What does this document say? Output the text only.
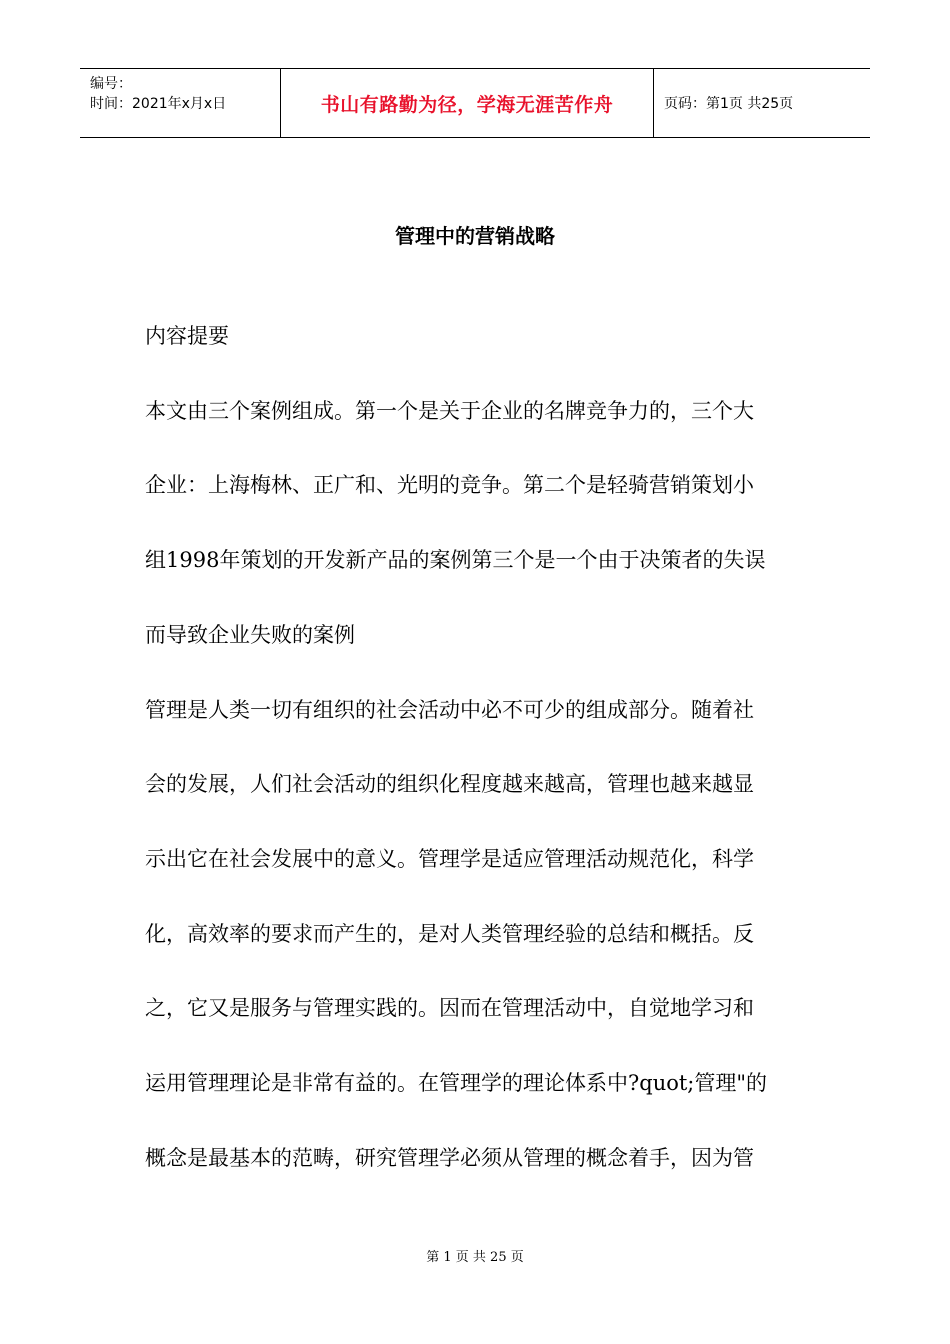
编号：
时间：2021年x月x日	书山有路勤为径，学海无涯苦作舟	页码：第1页 共25页
管理中的营销战略
内容提要
本文由三个案例组成。第一个是关于企业的名牌竞争力的，三个大
企业：上海梅林、正广和、光明的竞争。第二个是轻骑营销策划小
组1998年策划的开发新产品的案例第三个是一个由于决策者的失误
而导致企业失败的案例
管理是人类一切有组织的社会活动中必不可少的组成部分。随着社
会的发展，人们社会活动的组织化程度越来越高，管理也越来越显
示出它在社会发展中的意义。管理学是适应管理活动规范化，科学
化，高效率的要求而产生的，是对人类管理经验的总结和概括。反
之，它又是服务与管理实践的。因而在管理活动中，自觉地学习和
运用管理理论是非常有益的。在管理学的理论体系中?quot;管理"的
概念是最基本的范畴，研究管理学必须从管理的概念着手，因为管
第 1 页 共 25 页
